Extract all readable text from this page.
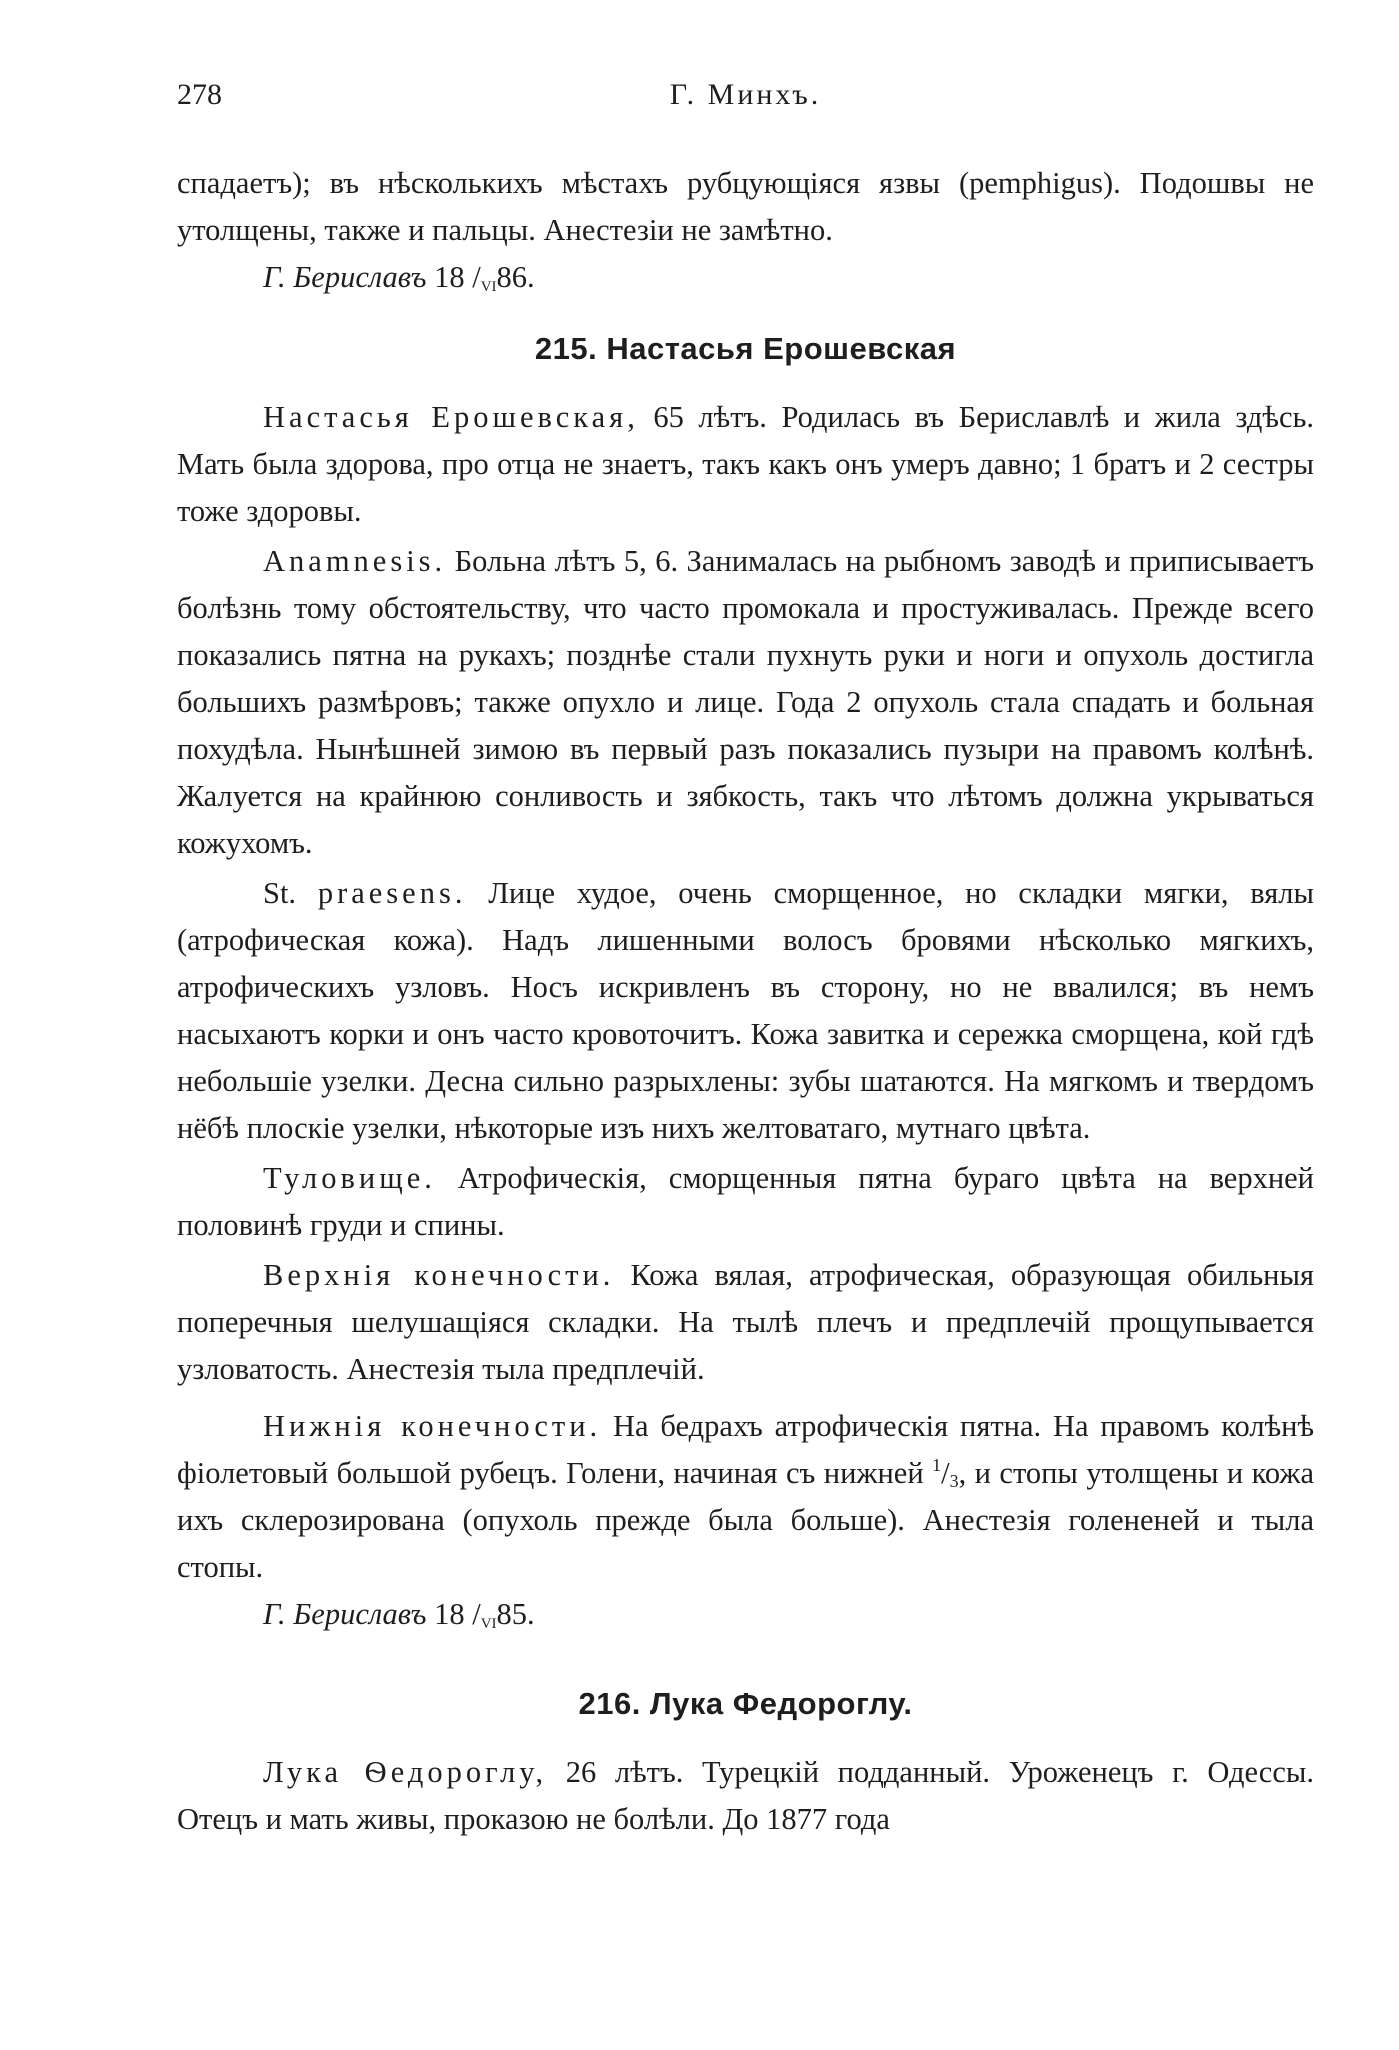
278	Г. Минхъ.

спадаетъ); въ нѣсколькихъ мѣстахъ рубцующіяся язвы (pemphigus). Подошвы не утолщены, также и пальцы. Анестезіи не замѣтно.

Г. Бериславъ 18 $/_{VI}86$.

215. Настасья Ерошевская

Настасья Ерошевская, 65 лѣтъ. Родилась въ Бериславлѣ и жила здѣсь. Мать была здорова, про отца не знаетъ, такъ какъ онъ умеръ давно; 1 братъ и 2 сестры тоже здоровы.

Anamnesis. Больна лѣтъ 5, 6. Занималась на рыбномъ заводѣ и приписываетъ болѣзнь тому обстоятельству, что часто промокала и простуживалась. Прежде всего показались пятна на рукахъ; позднѣе стали пухнуть руки и ноги и опухоль достигла большихъ размѣровъ; также опухло и лице. Года 2 опухоль стала спадать и больная похудѣла. Нынѣшней зимою въ первый разъ показались пузыри на правомъ колѣнѣ. Жалуется на крайнюю сонливость и зябкость, такъ что лѣтомъ должна укрываться кожухомъ.

St. praesens. Лице худое, очень сморщенное, но складки мягки, вялы (атрофическая кожа). Надъ лишенными волосъ бровями нѣсколько мягкихъ, атрофическихъ узловъ. Носъ искривленъ въ сторону, но не ввалился; въ немъ насыхаютъ корки и онъ часто кровоточитъ. Кожа завитка и сережка сморщена, кой гдѣ небольшіе узелки. Десна сильно разрыхлены: зубы шатаются. На мягкомъ и твердомъ нёбѣ плоскіе узелки, нѣкоторые изъ нихъ желтоватаго, мутнаго цвѣта.

Туловище. Атрофическія, сморщенныя пятна бураго цвѣта на верхней половинѣ груди и спины.

Верхнія конечности. Кожа вялая, атрофическая, образующая обильныя поперечныя шелушащіяся складки. На тылѣ плечъ и предплечій прощупывается узловатость. Анестезія тыла предплечій.

Нижнія конечности. На бедрахъ атрофическія пятна. На правомъ колѣнѣ фіолетовый большой рубецъ. Голени, начиная съ нижней $^1/_3$, и стопы утолщены и кожа ихъ склерозирована (опухоль прежде была больше). Анестезія голененей и тыла стопы.

Г. Бериславъ 18 $/_{VI}85$.

216. Лука Федороглу.

Лука Ѳедороглу, 26 лѣтъ. Турецкій подданный. Уроженецъ г. Одессы. Отецъ и мать живы, проказою не болѣли. До 1877 года
